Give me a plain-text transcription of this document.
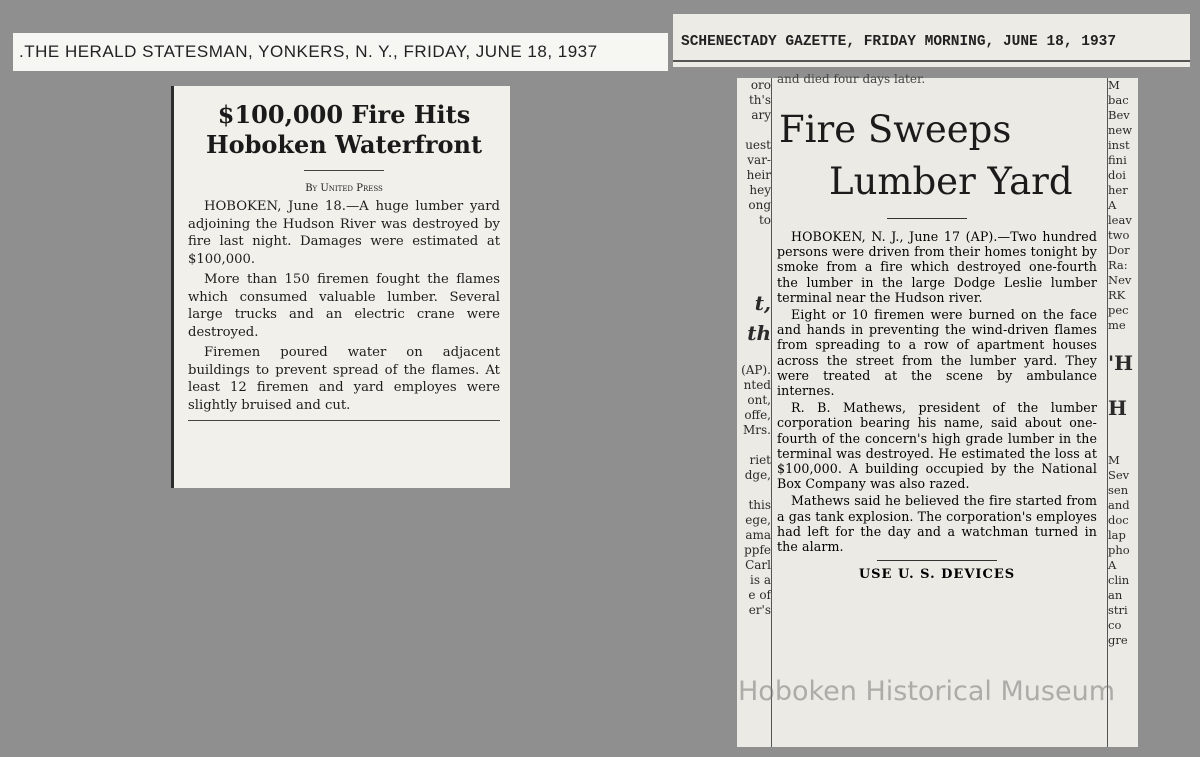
.THE HERALD STATESMAN, YONKERS, N. Y., FRIDAY, JUNE 18, 1937
$100,000 Fire Hits
Hoboken Waterfront
By United Press

HOBOKEN, June 18.—A huge lumber yard adjoining the Hudson River was destroyed by fire last night. Damages were estimated at $100,000.

More than 150 firemen fought the flames which consumed valuable lumber. Several large trucks and an electric crane were destroyed.

Firemen poured water on adjacent buildings to prevent spread of the flames. At least 12 firemen and yard employes were slightly bruised and cut.

SCHENECTADY GAZETTE, FRIDAY MORNING, JUNE 18, 1937
oro
th's
ary

uest
var-
heir
hey
ong
to

t,
th

(AP).
nted
ont,
offe,
Mrs.

riet
dge,

this
ege,
ama
ppfe
Carl
is a
e of
er's
and died four days later.
Fire Sweeps
Lumber Yard

HOBOKEN, N. J., June 17 (AP).—Two hundred persons were driven from their homes tonight by smoke from a fire which destroyed one-fourth the lumber in the large Dodge Leslie lumber terminal near the Hudson river.

Eight or 10 firemen were burned on the face and hands in preventing the wind-driven flames from spreading to a row of apartment houses across the street from the lumber yard. They were treated at the scene by ambulance internes.

R. B. Mathews, president of the lumber corporation bearing his name, said about one-fourth of the concern's high grade lumber in the terminal was destroyed. He estimated the loss at $100,000. A building occupied by the National Box Company was also razed.

Mathews said he believed the fire started from a gas tank explosion. The corporation's employes had left for the day and a watchman turned in the alarm.

USE U. S. DEVICES
M
bac
Bev
new
inst
fini
doi
her
A
leav
two
Dor
Ra:
Nev
RK
pec
me

'H

H

M
Sev
sen
and
doc
lap
pho
A
clin
an
stri
co
gre
Hoboken Historical Museum
